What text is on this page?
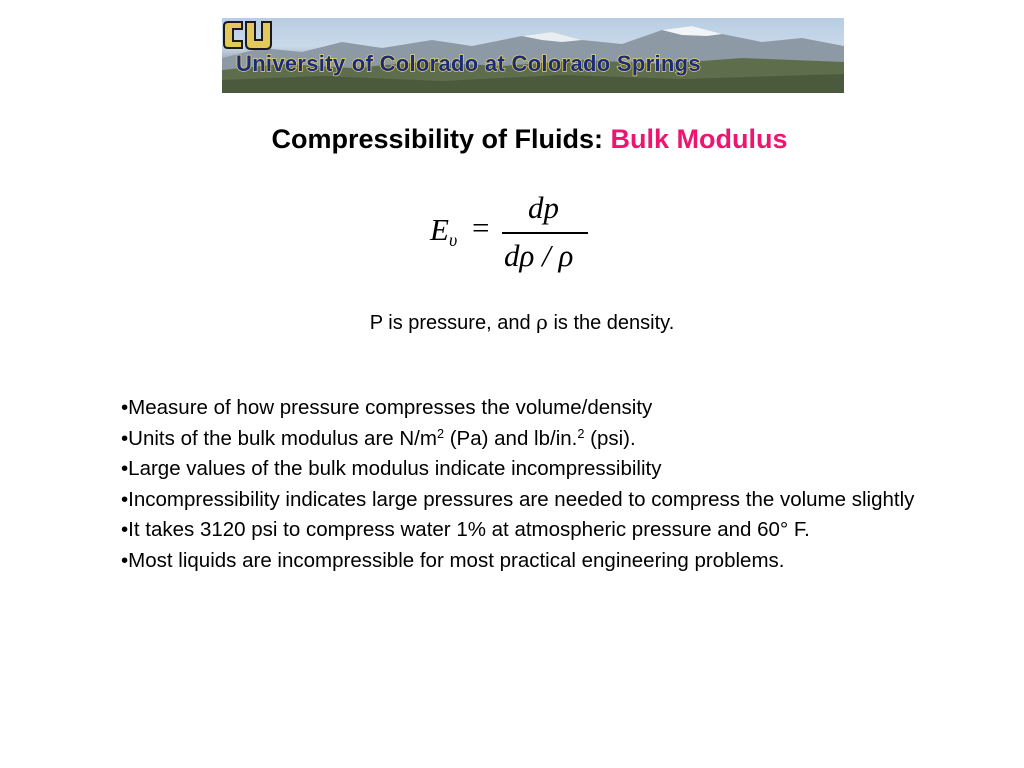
University of Colorado at Colorado Springs
Compressibility of Fluids: Bulk Modulus
Eυ =
dp
dρ / ρ
P is pressure, and ρ is the density.

•Measure of how pressure compresses the volume/density

•Units of the bulk modulus are $N/m^2$ (Pa) and lb/in.$^2$ (psi).

•Large values of the bulk modulus indicate incompressibility

•Incompressibility indicates large pressures are needed to compress the volume slightly

•It takes 3120 psi to compress water 1% at atmospheric pressure and 60° F.

•Most liquids are incompressible for most practical engineering problems.
